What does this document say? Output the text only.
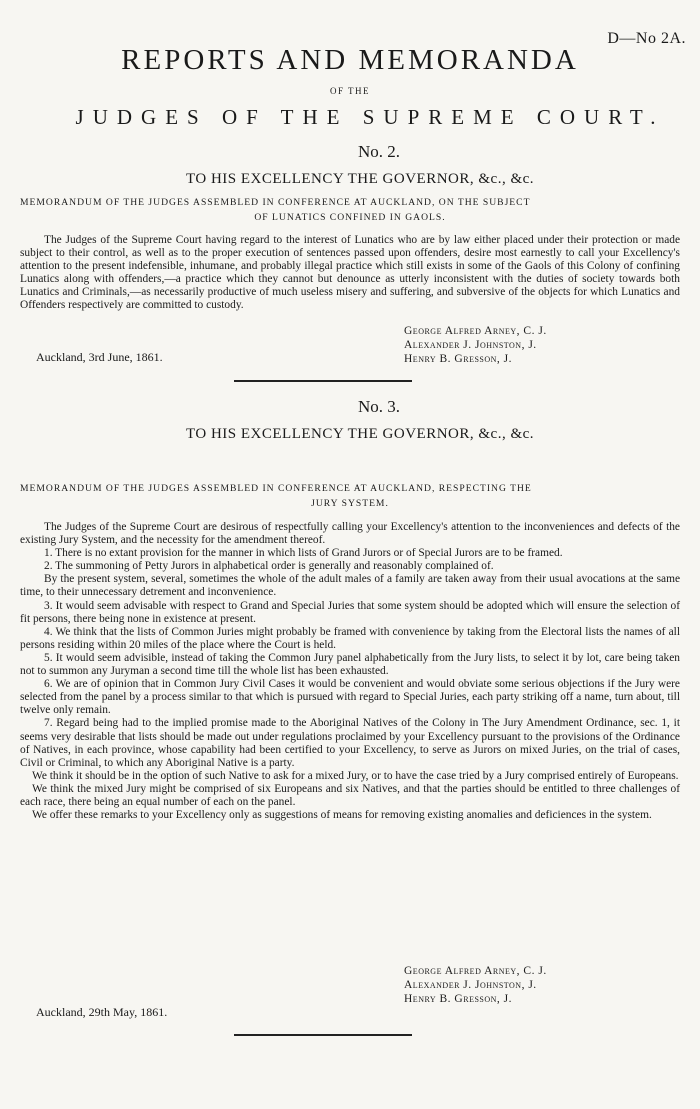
D—No 2A.
REPORTS AND MEMORANDA
OF THE
JUDGES OF THE SUPREME COURT.
No. 2.
TO HIS EXCELLENCY THE GOVERNOR, &c., &c.
MEMORANDUM OF THE JUDGES ASSEMBLED IN CONFERENCE AT AUCKLAND, ON THE SUBJECT
OF LUNATICS CONFINED IN GAOLS.

The Judges of the Supreme Court having regard to the interest of Lunatics who are by law either placed under their protection or made subject to their control, as well as to the proper execution of sentences passed upon offenders, desire most earnestly to call your Excellency's attention to the present indefensible, inhumane, and probably illegal practice which still exists in some of the Gaols of this Colony of confining Lunatics along with offenders,—a practice which they cannot but denounce as utterly inconsistent with the duties of society towards both Lunatics and Criminals,—as necessarily productive of much useless misery and suffering, and subversive of the objects for which Lunatics and Offenders respectively are committed to custody.

George Alfred Arney, C. J.
Alexander J. Johnston, J.
Henry B. Gresson, J.
Auckland, 3rd June, 1861.
No. 3.
TO HIS EXCELLENCY THE GOVERNOR, &c., &c.
MEMORANDUM OF THE JUDGES ASSEMBLED IN CONFERENCE AT AUCKLAND, RESPECTING THE
JURY SYSTEM.

The Judges of the Supreme Court are desirous of respectfully calling your Excellency's attention to the inconveniences and defects of the existing Jury System, and the necessity for the amendment thereof.

1. There is no extant provision for the manner in which lists of Grand Jurors or of Special Jurors are to be framed.

2. The summoning of Petty Jurors in alphabetical order is generally and reasonably complained of.

By the present system, several, sometimes the whole of the adult males of a family are taken away from their usual avocations at the same time, to their unnecessary detrement and inconvenience.

3. It would seem advisable with respect to Grand and Special Juries that some system should be adopted which will ensure the selection of fit persons, there being none in existence at present.

4. We think that the lists of Common Juries might probably be framed with convenience by taking from the Electoral lists the names of all persons residing within 20 miles of the place where the Court is held.

5. It would seem advisible, instead of taking the Common Jury panel alphabetically from the Jury lists, to select it by lot, care being taken not to summon any Juryman a second time till the whole list has been exhausted.

6. We are of opinion that in Common Jury Civil Cases it would be convenient and would obviate some serious objections if the Jury were selected from the panel by a process similar to that which is pursued with regard to Special Juries, each party striking off a name, turn about, till twelve only remain.

7. Regard being had to the implied promise made to the Aboriginal Natives of the Colony in The Jury Amendment Ordinance, sec. 1, it seems very desirable that lists should be made out under regulations proclaimed by your Excellency pursuant to the provisions of the Ordinance of Natives, in each province, whose capability had been certified to your Excellency, to serve as Jurors on mixed Juries, on the trial of cases, Civil or Criminal, to which any Aboriginal Native is a party.

We think it should be in the option of such Native to ask for a mixed Jury, or to have the case tried by a Jury comprised entirely of Europeans.

We think the mixed Jury might be comprised of six Europeans and six Natives, and that the parties should be entitled to three challenges of each race, there being an equal number of each on the panel.

We offer these remarks to your Excellency only as suggestions of means for removing existing anomalies and deficiences in the system.

George Alfred Arney, C. J.
Alexander J. Johnston, J.
Henry B. Gresson, J.
Auckland, 29th May, 1861.
